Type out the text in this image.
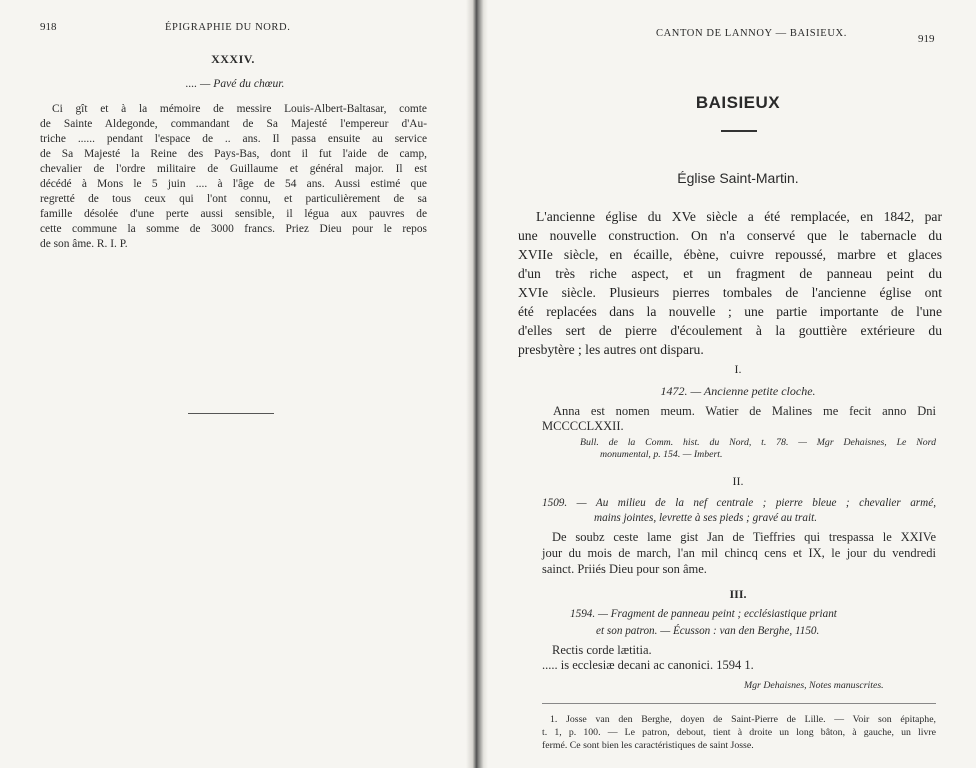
918	ÉPIGRAPHIE DU NORD.
XXXIV.
.... — Pavé du chœur.
Ci gît et à la mémoire de messire Louis-Albert-Baltasar, comte
de Sainte Aldegonde, commandant de Sa Majesté l'empereur d'Au-
triche ...... pendant l'espace de .. ans. Il passa ensuite au service
de Sa Majesté la Reine des Pays-Bas, dont il fut l'aide de camp,
chevalier de l'ordre militaire de Guillaume et général major. Il est
décédé à Mons le 5 juin .... à l'âge de 54 ans. Aussi estimé que
regretté de tous ceux qui l'ont connu, et particulièrement de sa
famille désolée d'une perte aussi sensible, il légua aux pauvres de
cette commune la somme de 3000 francs. Priez Dieu pour le repos
de son âme. R. I. P.
CANTON DE LANNOY — BAISIEUX.	919
BAISIEUX
Église Saint-Martin.
L'ancienne église du XVe siècle a été remplacée, en 1842, par
une nouvelle construction. On n'a conservé que le tabernacle du
XVIIe siècle, en écaille, ébène, cuivre repoussé, marbre et glaces
d'un très riche aspect, et un fragment de panneau peint du
XVIe siècle. Plusieurs pierres tombales de l'ancienne église ont
été replacées dans la nouvelle ; une partie importante de l'une
d'elles sert de pierre d'écoulement à la gouttière extérieure du
presbytère ; les autres ont disparu.
I.
1472. — Ancienne petite cloche.
Anna est nomen meum. Watier de Malines me fecit anno Dni
MCCCCLXXII.
Bull. de la Comm. hist. du Nord, t. 78. — Mgr Dehaisnes, Le Nord
monumental, p. 154. — Imbert.
II.
1509. — Au milieu de la nef centrale ; pierre bleue ; chevalier armé,
mains jointes, levrette à ses pieds ; gravé au trait.
De soubz ceste lame gist Jan de Tieffries qui trespassa le XXIVe
jour du mois de march, l'an mil chincq cens et IX, le jour du vendredi
sainct. Priiés Dieu pour son âme.
III.
1594. — Fragment de panneau peint ; ecclésiastique priant
et son patron. — Écusson : van den Berghe, 1150.
Rectis corde lætitia.
..... is ecclesiæ decani ac canonici. 1594 1.
Mgr Dehaisnes, Notes manuscrites.
1. Josse van den Berghe, doyen de Saint-Pierre de Lille. — Voir son épitaphe,
t. 1, p. 100. — Le patron, debout, tient à droite un long bâton, à gauche, un livre
fermé. Ce sont bien les caractéristiques de saint Josse.
